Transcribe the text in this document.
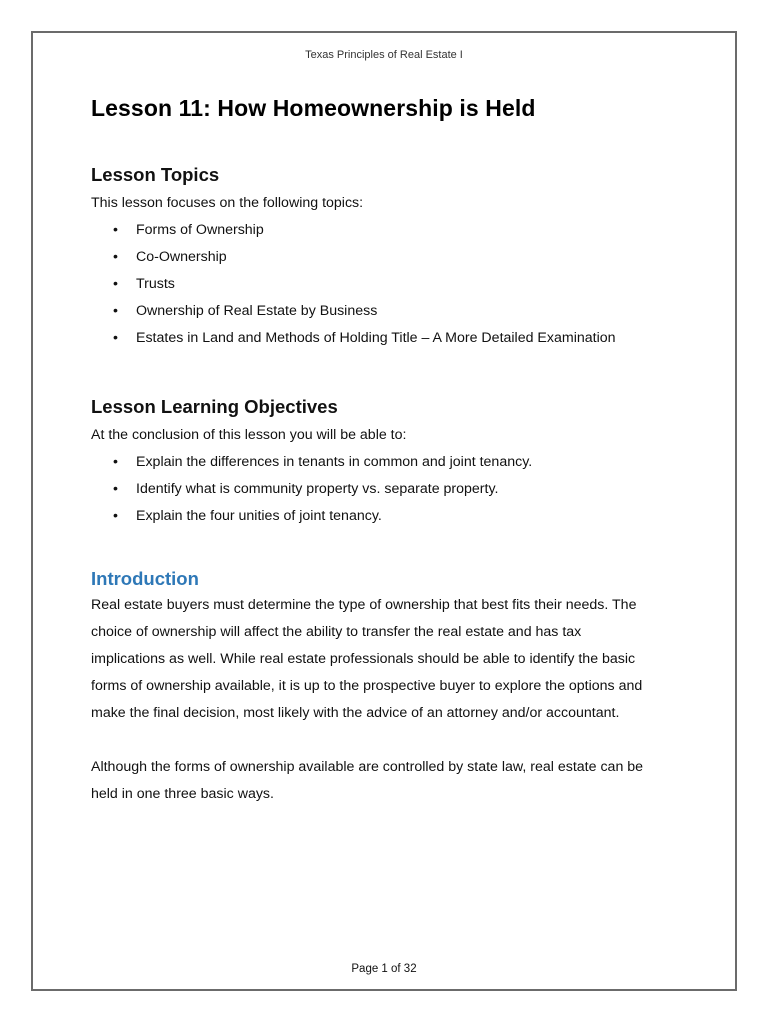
Texas Principles of Real Estate I
Lesson 11: How Homeownership is Held
Lesson Topics

This lesson focuses on the following topics:

• Forms of Ownership
• Co-Ownership
• Trusts
• Ownership of Real Estate by Business
• Estates in Land and Methods of Holding Title – A More Detailed Examination
Lesson Learning Objectives

At the conclusion of this lesson you will be able to:

• Explain the differences in tenants in common and joint tenancy.
• Identify what is community property vs. separate property.
• Explain the four unities of joint tenancy.
Introduction

Real estate buyers must determine the type of ownership that best fits their needs. The

choice of ownership will affect the ability to transfer the real estate and has tax

implications as well. While real estate professionals should be able to identify the basic

forms of ownership available, it is up to the prospective buyer to explore the options and

make the final decision, most likely with the advice of an attorney and/or accountant.

Although the forms of ownership available are controlled by state law, real estate can be

held in one three basic ways.

Page 1 of 32
